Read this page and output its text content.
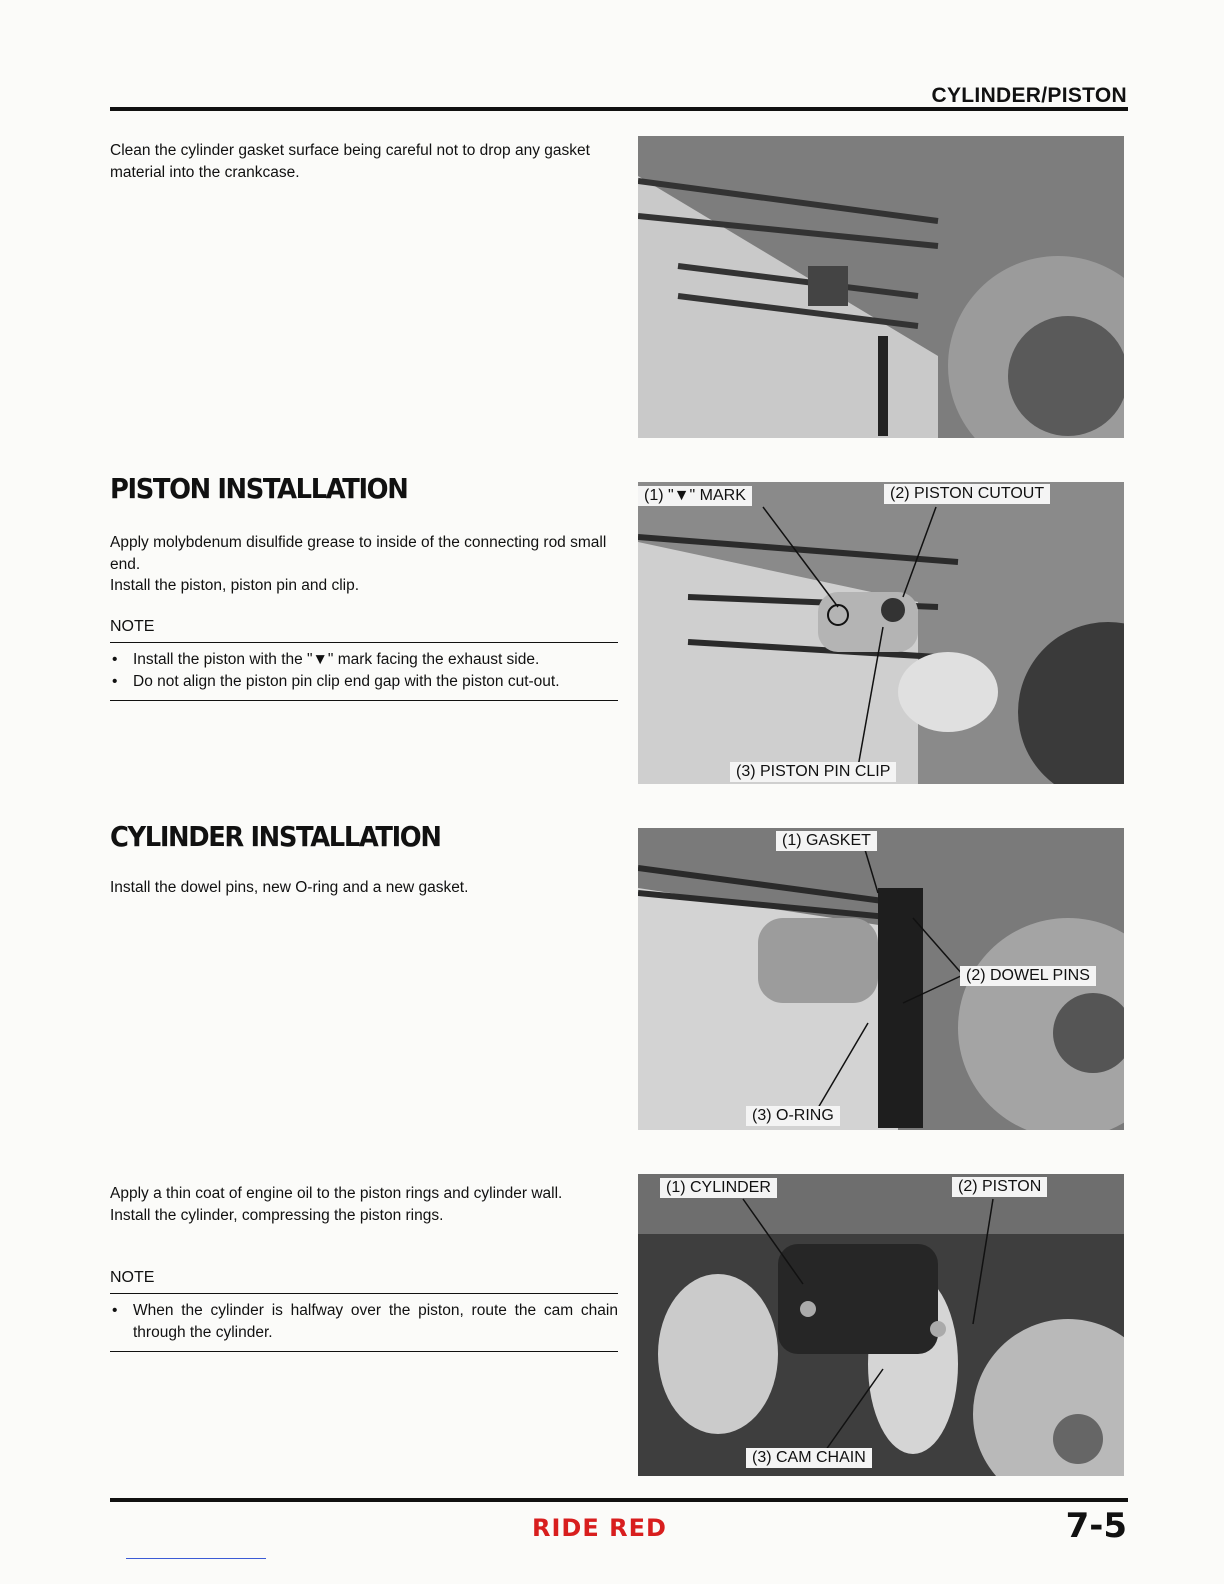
CYLINDER/PISTON

Clean the cylinder gasket surface being careful not to drop any gasket material into the crankcase.

PISTON INSTALLATION

Apply molybdenum disulfide grease to inside of the connecting rod small end.

Install the piston, piston pin and clip.

NOTE
• Install the piston with the "▼" mark facing the exhaust side.
• Do not align the piston pin clip end gap with the piston cut-out.
(1) "▼" MARK	(2) PISTON CUTOUT
(3) PISTON PIN CLIP
CYLINDER INSTALLATION

Install the dowel pins, new O-ring and a new gasket.

(1) GASKET
(2) DOWEL PINS
(3) O-RING

Apply a thin coat of engine oil to the piston rings and cylinder wall.

Install the cylinder, compressing the piston rings.

NOTE
• When the cylinder is halfway over the piston, route the cam chain through the cylinder.
(1) CYLINDER	(2) PISTON
(3) CAM CHAIN
RIDE RED	7-5
